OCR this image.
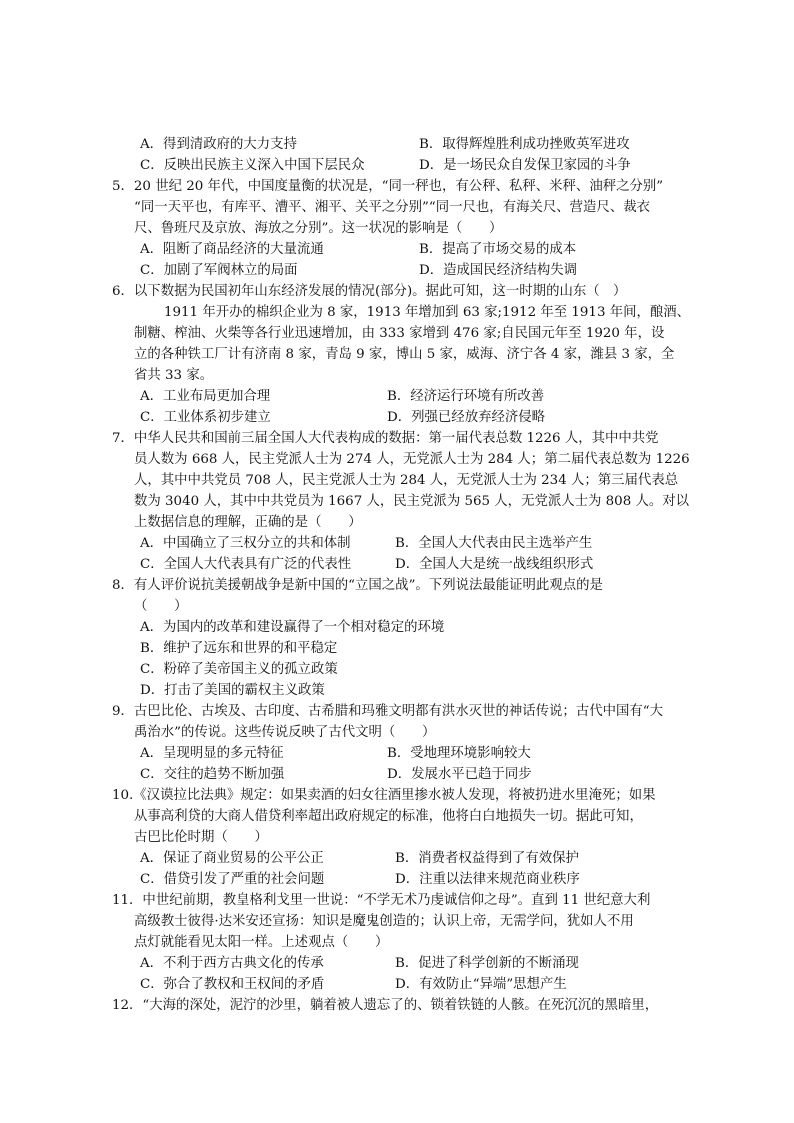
A．得到清政府的大力支持	B．取得辉煌胜利成功挫败英军进攻
C．反映出民族主义深入中国下层民众	D．是一场民众自发保卫家园的斗争
5．20 世纪 20 年代，中国度量衡的状况是，“同一秤也，有公秤、私秤、米秤、油秤之分别”
“同一天平也，有库平、漕平、湘平、关平之分别”“同一尺也，有海关尺、营造尺、裁衣
尺、鲁班尺及京放、海放之分别”。这一状况的影响是（　　）
A．阻断了商品经济的大量流通	B．提高了市场交易的成本
C．加剧了军阀林立的局面	D．造成国民经济结构失调
6．以下数据为民国初年山东经济发展的情况(部分)。据此可知，这一时期的山东（　）
1911 年开办的棉织企业为 8 家，1913 年增加到 63 家;1912 年至 1913 年间，酿酒、
制糖、榨油、火柴等各行业迅速增加，由 333 家增到 476 家;自民国元年至 1920 年，设
立的各种铁工厂计有济南 8 家，青岛 9 家，博山 5 家，威海、济宁各 4 家，潍县 3 家，全
省共 33 家。
A．工业布局更加合理	B．经济运行环境有所改善
C．工业体系初步建立	D．列强已经放弃经济侵略
7．中华人民共和国前三届全国人大代表构成的数据：第一届代表总数 1226 人，其中中共党
员人数为 668 人，民主党派人士为 274 人，无党派人士为 284 人；第二届代表总数为 1226
人，其中中共党员 708 人，民主党派人士为 284 人，无党派人士为 234 人；第三届代表总
数为 3040 人，其中中共党员为 1667 人，民主党派为 565 人，无党派人士为 808 人。对以
上数据信息的理解，正确的是（　　）
A．中国确立了三权分立的共和体制	B．全国人大代表由民主选举产生
C．全国人大代表具有广泛的代表性	D．全国人大是统一战线组织形式
8．有人评价说抗美援朝战争是新中国的“立国之战”。下列说法最能证明此观点的是
（　　）
A．为国内的改革和建设赢得了一个相对稳定的环境
B．维护了远东和世界的和平稳定
C．粉碎了美帝国主义的孤立政策
D．打击了美国的霸权主义政策
9．古巴比伦、古埃及、古印度、古希腊和玛雅文明都有洪水灭世的神话传说；古代中国有“大
禹治水”的传说。这些传说反映了古代文明（　　）
A．呈现明显的多元特征	B．受地理环境影响较大
C．交往的趋势不断加强	D．发展水平已趋于同步
10.《汉谟拉比法典》规定：如果卖酒的妇女往酒里掺水被人发现，将被扔进水里淹死；如果
从事高利贷的大商人借贷利率超出政府规定的标准，他将白白地损失一切。据此可知，
古巴比伦时期（　　）
A．保证了商业贸易的公平公正	B．消费者权益得到了有效保护
C．借贷引发了严重的社会问题	D．注重以法律来规范商业秩序
11．中世纪前期，教皇格利戈里一世说：“不学无术乃虔诚信仰之母”。直到 11 世纪意大利
高级教士彼得·达米安还宣扬：知识是魔鬼创造的；认识上帝，无需学问，犹如人不用
点灯就能看见太阳一样。上述观点（　　）
A．不利于西方古典文化的传承	B．促进了科学创新的不断涌现
C．弥合了教权和王权间的矛盾	D．有效防止“异端”思想产生
12．“大海的深处，泥泞的沙里，躺着被人遗忘了的、锁着铁链的人骸。在死沉沉的黑暗里，
